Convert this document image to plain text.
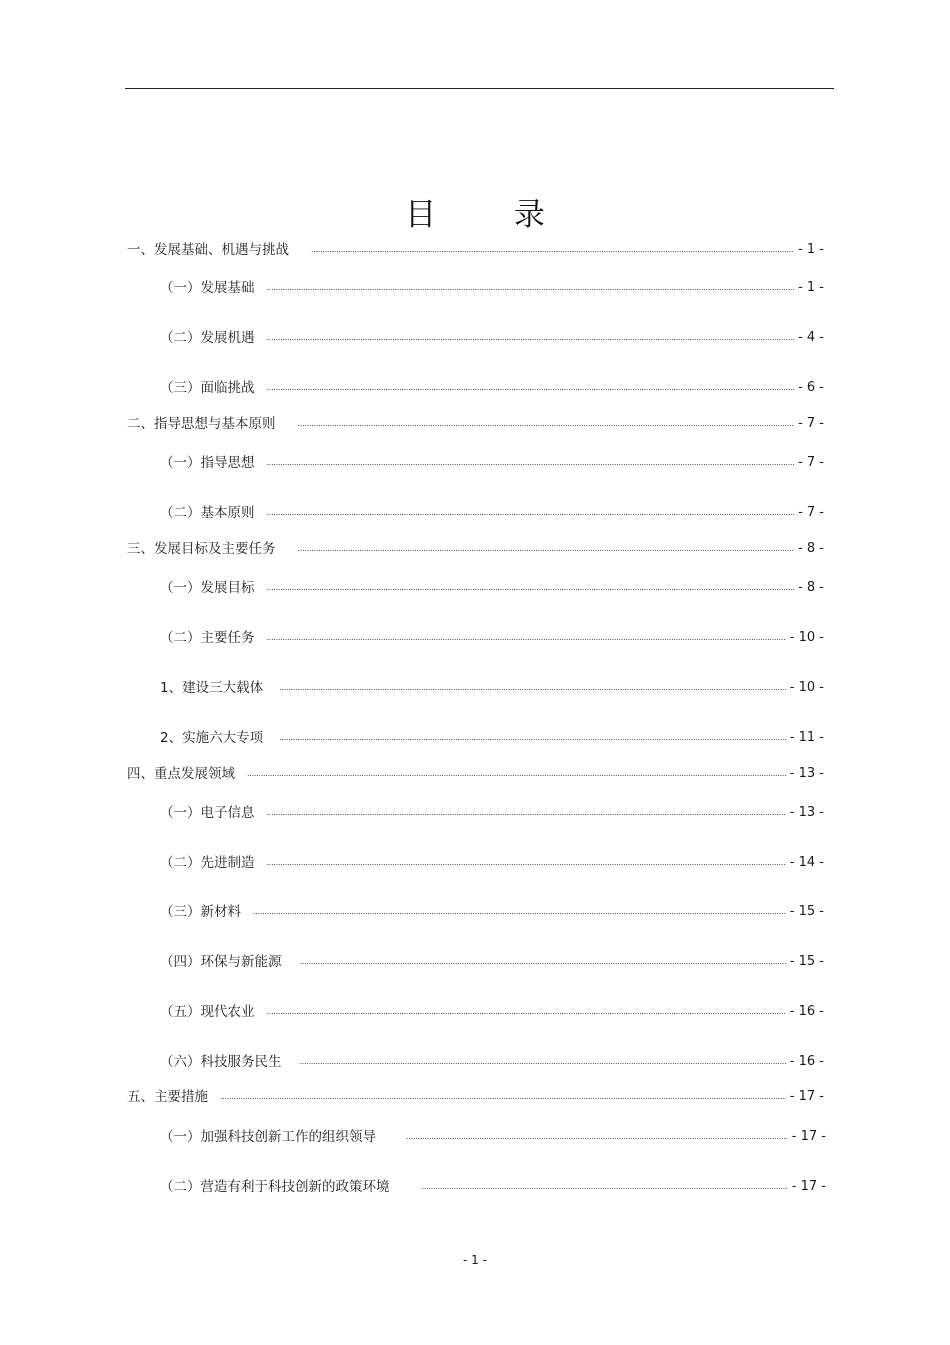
目 录
一、发展基础、机遇与挑战 . . .	- 1 -
（一）发展基础 . . .	- 1 -
（二）发展机遇 . . .	- 4 -
（三）面临挑战 . . .	- 6 -
二、指导思想与基本原则 . . .	- 7 -
（一）指导思想 . . .	- 7 -
（二）基本原则 . . .	- 7 -
三、发展目标及主要任务 . . .	- 8 -
（一）发展目标 . . .	- 8 -
（二）主要任务 . . .	- 10 -
1、建设三大载体 . . .	- 10 -
2、实施六大专项 . . .	- 11 -
四、重点发展领域 . . .	- 13 -
（一）电子信息 . . .	- 13 -
（二）先进制造 . . .	- 14 -
（三）新材料 . . .	- 15 -
（四）环保与新能源 . . .	- 15 -
（五）现代农业 . . .	- 16 -
（六）科技服务民生 . . .	- 16 -
五、主要措施 . . .	- 17 -
（一）加强科技创新工作的组织领导 . . .	- 17 -
（二）营造有利于科技创新的政策环境 . . .	- 17 -
- 1 -
